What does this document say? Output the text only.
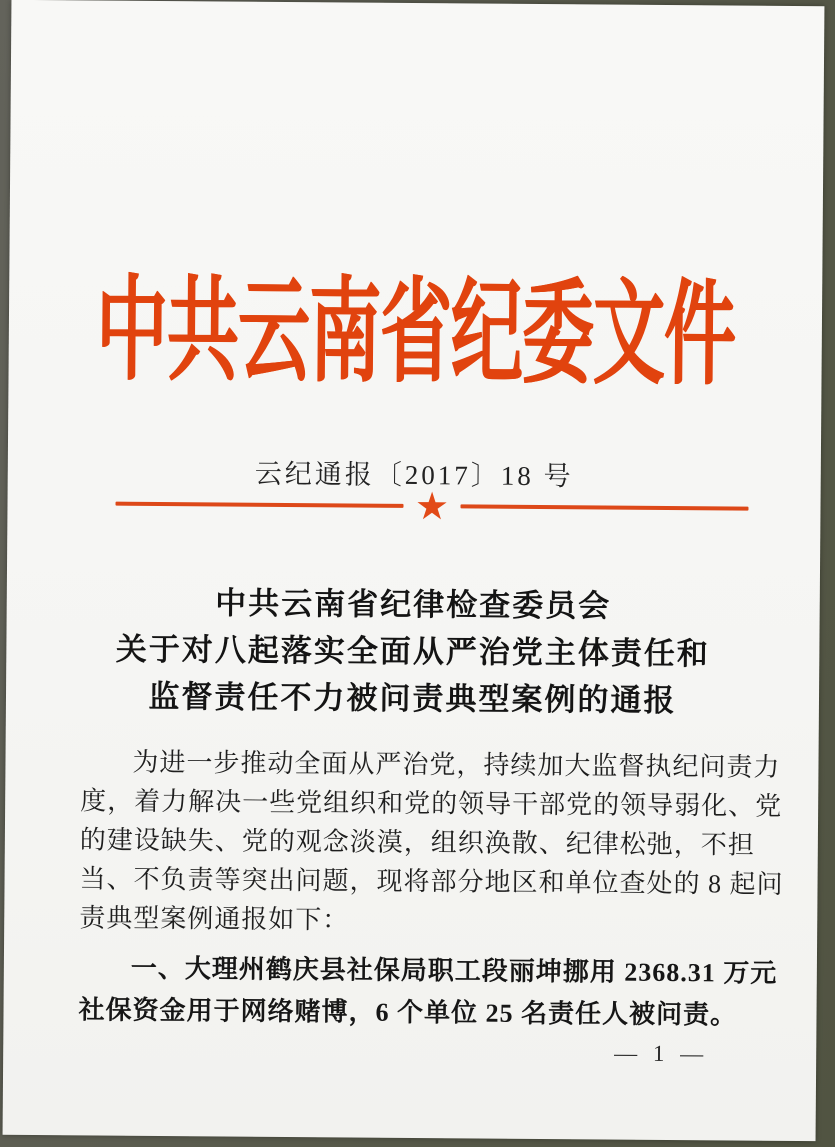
中共云南省纪委文件
云纪通报〔2017〕18 号
★
中共云南省纪律检查委员会
关于对八起落实全面从严治党主体责任和
监督责任不力被问责典型案例的通报
为进一步推动全面从严治党，持续加大监督执纪问责力
度，着力解决一些党组织和党的领导干部党的领导弱化、党
的建设缺失、党的观念淡漠，组织涣散、纪律松弛，不担
当、不负责等突出问题，现将部分地区和单位查处的 8 起问
责典型案例通报如下：
一、大理州鹤庆县社保局职工段丽坤挪用 2368.31 万元
社保资金用于网络赌博，6 个单位 25 名责任人被问责。
— 1 —
